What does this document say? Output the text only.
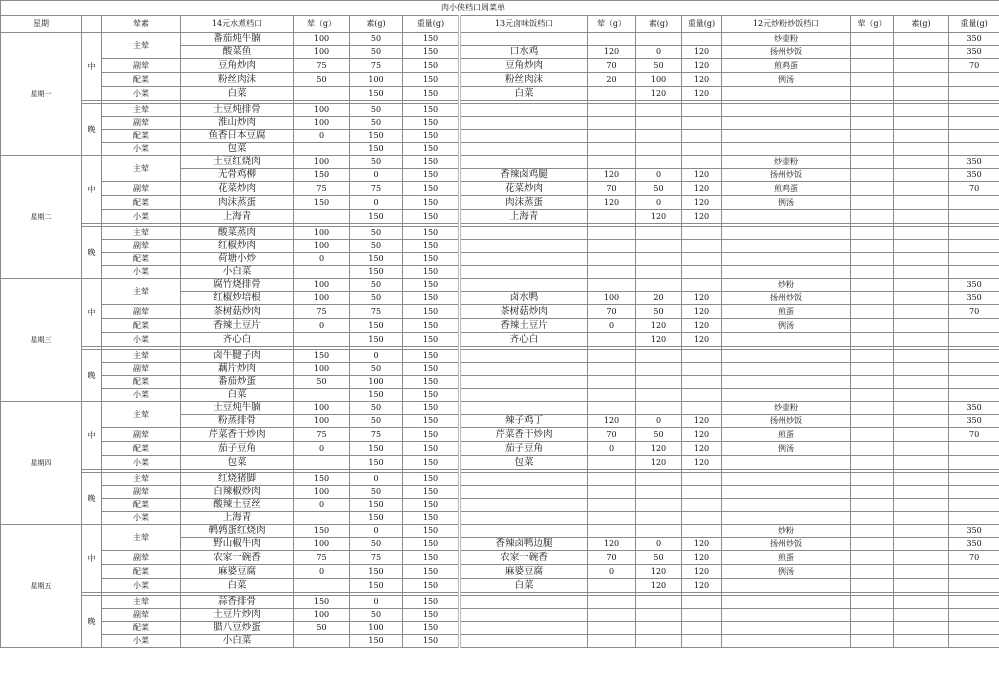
肉小侠档口周菜单														
星期		荤素	14元水煮档口	荤（g）	素(g)	重量(g)	13元卤味饭档口	荤（g）	素(g)	重量(g)	12元炒粉炒饭档口	荤（g）	素(g)	重量(g)
星期一	中	主荤	番茄炖牛腩	100	50	150					炒壶粉			350
			酸菜鱼	100	50	150	口水鸡	120	0	120	扬州炒饭			350
		副荤	豆角炒肉	75	75	150	豆角炒肉	70	50	120	煎鸡蛋			70
		配菜	粉丝肉沫	50	100	150	粉丝肉沫	20	100	120	例汤			
		小菜	白菜		150	150	白菜		120	120				

	晚	主荤	土豆炖排骨	100	50	150								
		副荤	淮山炒肉	100	50	150								
		配菜	鱼香日本豆腐	0	150	150								
		小菜	包菜		150	150								
星期二	中	主荤	土豆红烧肉	100	50	150					炒壶粉			350
			无骨鸡柳	150	0	150	香辣卤鸡腿	120	0	120	扬州炒饭			350
		副荤	花菜炒肉	75	75	150	花菜炒肉	70	50	120	煎鸡蛋			70
		配菜	肉沫蒸蛋	150	0	150	肉沫蒸蛋	120	0	120	例汤			
		小菜	上海青		150	150	上海青		120	120				

	晚	主荤	酸菜蒸肉	100	50	150								
		副荤	红椒炒肉	100	50	150								
		配菜	荷塘小炒	0	150	150								
		小菜	小白菜		150	150								
星期三	中	主荤	腐竹烧排骨	100	50	150					炒粉			350
			红椒炒培根	100	50	150	卤水鸭	100	20	120	扬州炒饭			350
		副荤	茶树菇炒肉	75	75	150	茶树菇炒肉	70	50	120	煎蛋			70
		配菜	香辣土豆片	0	150	150	香辣土豆片	0	120	120	例汤			
		小菜	齐心白		150	150	齐心白		120	120				

	晚	主荤	卤牛腱子肉	150	0	150								
		副荤	藕片炒肉	100	50	150								
		配菜	番茄炒蛋	50	100	150								
		小菜	白菜		150	150								
星期四	中	主荤	土豆炖牛腩	100	50	150					炒壶粉			350
			粉蒸排骨	100	50	150	辣子鸡丁	120	0	120	扬州炒饭			350
		副荤	芹菜香干炒肉	75	75	150	芹菜香干炒肉	70	50	120	煎蛋			70
		配菜	茄子豆角	0	150	150	茄子豆角	0	120	120	例汤			
		小菜	包菜		150	150	包菜		120	120				

	晚	主荤	红烧猪脚	150	0	150								
		副荤	白辣椒炒肉	100	50	150								
		配菜	酸辣土豆丝	0	150	150								
		小菜	上海青		150	150								
星期五	中	主荤	鹌鹑蛋红烧肉	150	0	150					炒粉			350
			野山椒牛肉	100	50	150	香辣卤鸭边腿	120	0	120	扬州炒饭			350
		副荤	农家一碗香	75	75	150	农家一碗香	70	50	120	煎蛋			70
		配菜	麻婆豆腐	0	150	150	麻婆豆腐	0	120	120	例汤			
		小菜	白菜		150	150	白菜		120	120				

	晚	主荤	蒜香排骨	150	0	150								
		副荤	土豆片炒肉	100	50	150								
		配菜	腊八豆炒蛋	50	100	150								
		小菜	小白菜		150	150								
